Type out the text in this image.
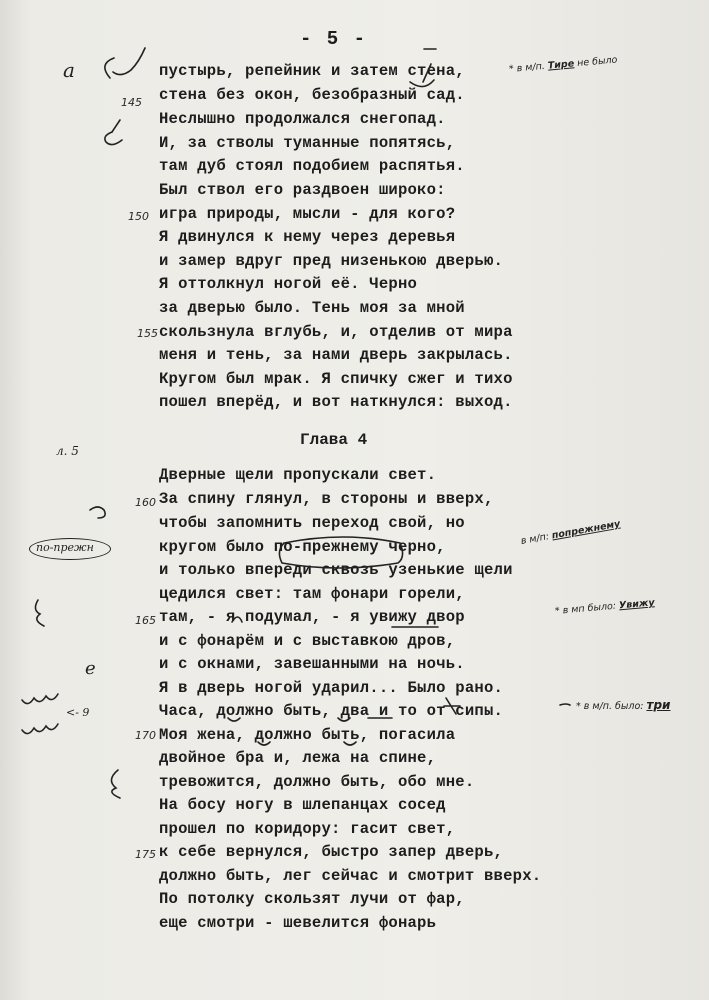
- 5 -
пустырь, репейник и затем стена,
стена без окон, безобразный сад.
Неслышно продолжался снегопад.
И, за стволы туманные попятясь,
там дуб стоял подобием распятья.
Был ствол его раздвоен широко:
игра природы, мысли - для кого?
Я двинулся к нему через деревья
и замер вдруг пред низенькою дверью.
Я оттолкнул ногой её. Черно
за дверью было. Тень моя за мной
скользнула вглубь, и, отделив от мира
меня и тень, за нами дверь закрылась.
Кругом был мрак. Я спичку сжег и тихо
пошел вперёд, и вот наткнулся: выход.
Глава 4
Дверные щели пропускали свет.
За спину глянул, в стороны и вверх,
чтобы запомнить переход свой, но
кругом было по-прежнему черно,
и только впереди сквозь узенькие щели
цедился свет: там фонари горели,
там, - я подумал, - я увижу двор
и с фонарём и с выставкою дров,
и с окнами, завешанными на ночь.
Я в дверь ногой ударил... Было рано.
Часа, должно быть, два и то от сипы.
Моя жена, должно быть, погасила
двойное бра и, лежа на спине,
тревожится, должно быть, обо мне.
На босу ногу в шлепанцах сосед
прошел по коридору: гасит свет,
к себе вернулся, быстро запер дверь,
должно быть, лег сейчас и смотрит вверх.
По потолку скользят лучи от фар,
еще смотри - шевелится фонарь
145
150
155
160
165
170
175
а
л. 5
е
<- 9
по-прежн
* в м/п. Тире не было
в м/п: попрежнему
* в мп было: Увижу
* в м/п. было: три
